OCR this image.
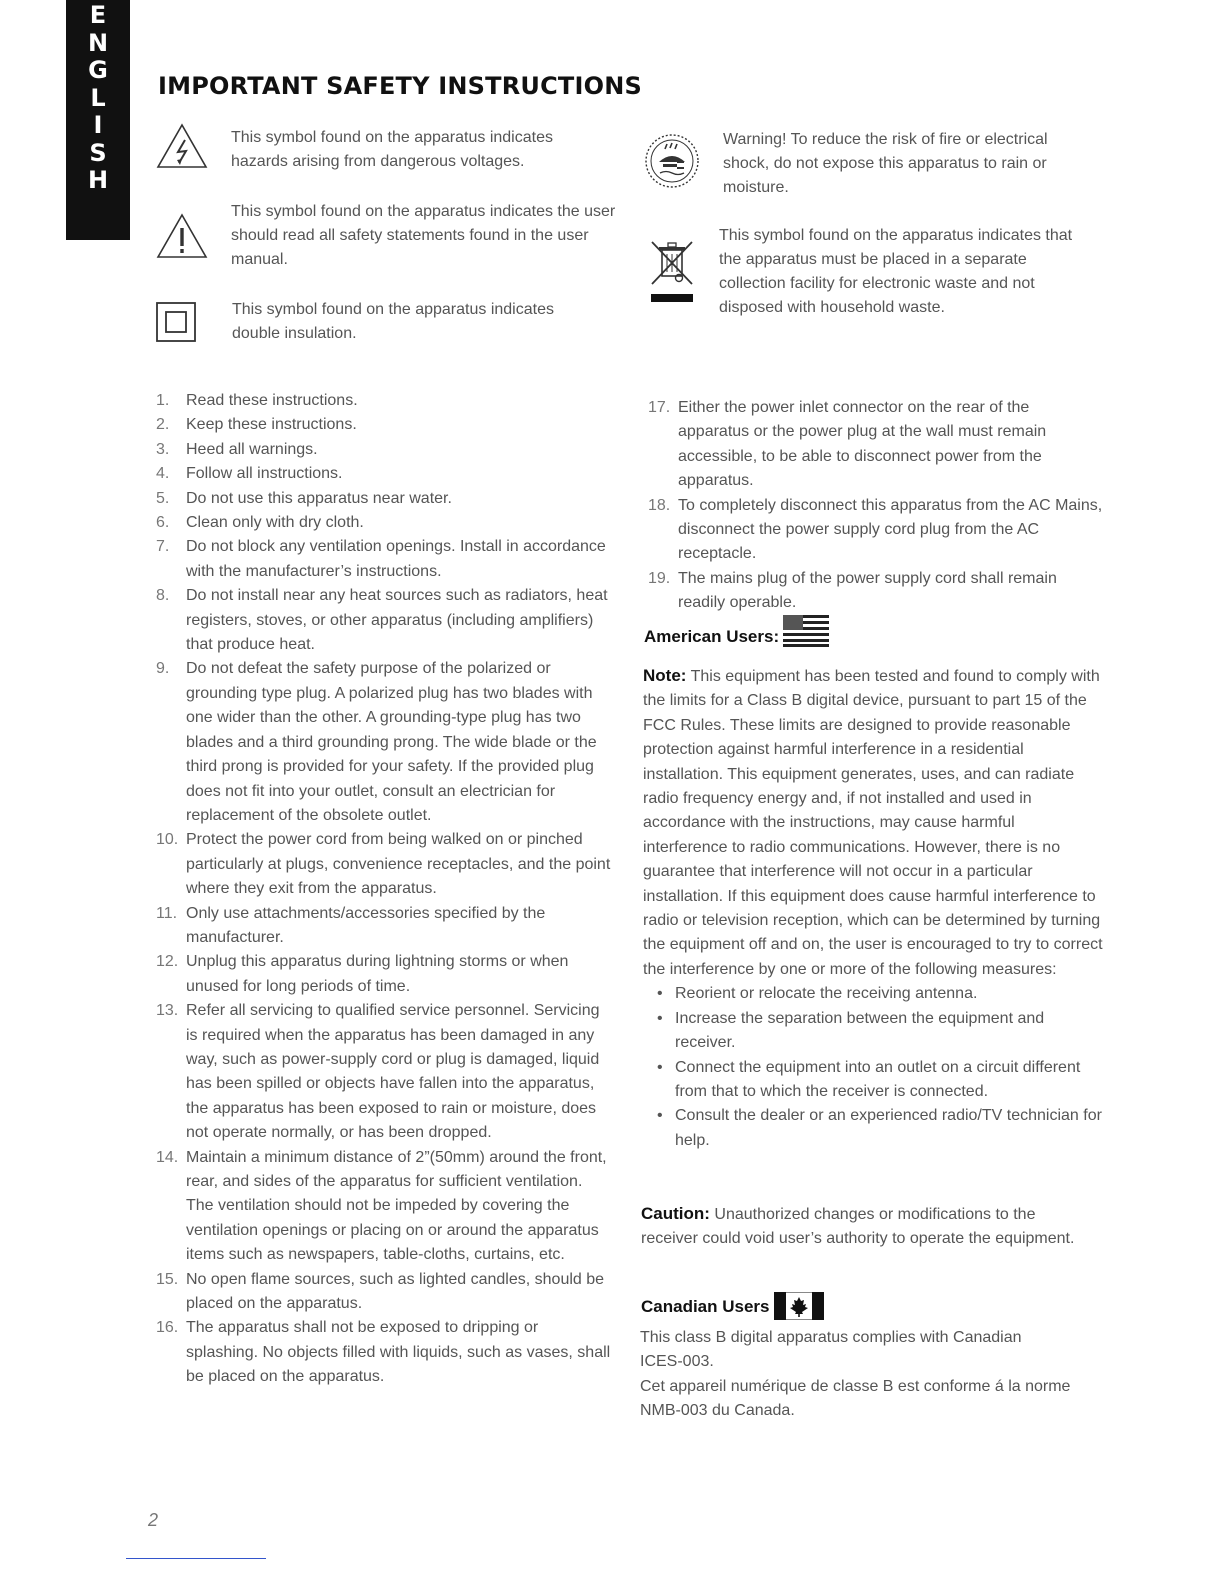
E
N
G
L
I
S
H
IMPORTANT SAFETY INSTRUCTIONS
This symbol found on the apparatus indicates hazards arising from dangerous voltages.
This symbol found on the apparatus indicates the user should read all safety statements found in the user manual.
This symbol found on the apparatus indicates double insulation.
Warning! To reduce the risk of fire or electrical shock, do not expose this apparatus to rain or moisture.
This symbol found on the apparatus indicates that the apparatus must be placed in a separate collection facility for electronic waste and not disposed with household waste.
1. Read these instructions.
2. Keep these instructions.
3. Heed all warnings.
4. Follow all instructions.
5. Do not use this apparatus near water.
6. Clean only with dry cloth.
7. Do not block any ventilation openings. Install in accordance with the manufacturer’s instructions.
8. Do not install near any heat sources such as radiators, heat registers, stoves, or other apparatus (including amplifiers) that produce heat.
9. Do not defeat the safety purpose of the polarized or grounding type plug. A polarized plug has two blades with one wider than the other. A grounding-type plug has two blades and a third grounding prong. The wide blade or the third prong is provided for your safety. If the provided plug does not fit into your outlet, consult an electrician for replacement of the obsolete outlet.
10. Protect the power cord from being walked on or pinched particularly at plugs, convenience receptacles, and the point where they exit from the apparatus.
11. Only use attachments/accessories specified by the manufacturer.
12. Unplug this apparatus during lightning storms or when unused for long periods of time.
13. Refer all servicing to qualified service personnel. Servicing is required when the apparatus has been damaged in any way, such as power-supply cord or plug is damaged, liquid has been spilled or objects have fallen into the apparatus, the apparatus has been exposed to rain or moisture, does not operate normally, or has been dropped.
14. Maintain a minimum distance of 2”(50mm) around the front, rear, and sides of the apparatus for sufficient ventilation. The ventilation should not be impeded by covering the ventilation openings or placing on or around the apparatus items such as newspapers, table-cloths, curtains, etc.
15. No open flame sources, such as lighted candles, should be placed on the apparatus.
16. The apparatus shall not be exposed to dripping or splashing. No objects filled with liquids, such as vases, shall be placed on the apparatus.
17. Either the power inlet connector on the rear of the apparatus or the power plug at the wall must remain accessible, to be able to disconnect power from the apparatus.
18. To completely disconnect this apparatus from the AC Mains, disconnect the power supply cord plug from the AC receptacle.
19. The mains plug of the power supply cord shall remain readily operable.
American Users:
Note: This equipment has been tested and found to comply with the limits for a Class B digital device, pursuant to part 15 of the FCC Rules. These limits are designed to provide reasonable protection against harmful interference in a residential installation. This equipment generates, uses, and can radiate radio frequency energy and, if not installed and used in accordance with the instructions, may cause harmful interference to radio communications. However, there is no guarantee that interference will not occur in a particular installation. If this equipment does cause harmful interference to radio or television reception, which can be determined by turning the equipment off and on, the user is encouraged to try to correct the interference by one or more of the following measures:
• Reorient or relocate the receiving antenna.
• Increase the separation between the equipment and receiver.
• Connect the equipment into an outlet on a circuit different from that to which the receiver is connected.
• Consult the dealer or an experienced radio/TV technician for help.
Caution: Unauthorized changes or modifications to the receiver could void user’s authority to operate the equipment.
Canadian Users
This class B digital apparatus complies with Canadian ICES-003.
Cet appareil numérique de classe B est conforme á la norme NMB-003 du Canada.
2
